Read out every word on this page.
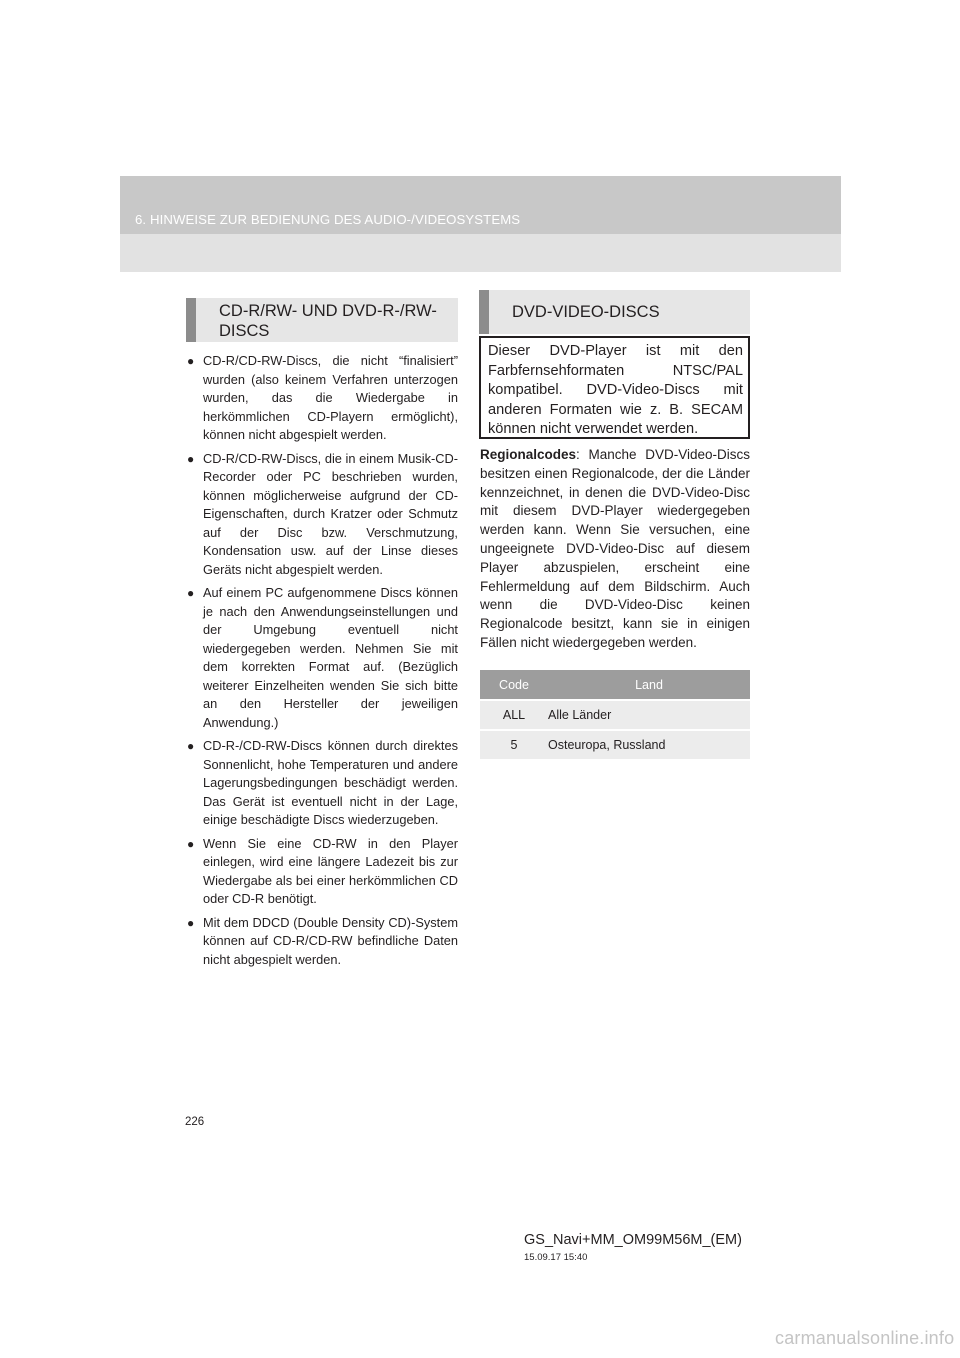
6. HINWEISE ZUR BEDIENUNG DES AUDIO-/VIDEOSYSTEMS
CD-R/RW- UND DVD-R-/RW-
DISCS
● CD-R/CD-RW-Discs, die nicht “finalisiert” wurden (also keinem Verfahren unterzogen wurden, das die Wiedergabe in herkömmlichen CD-Playern ermöglicht), können nicht abgespielt werden.
● CD-R/CD-RW-Discs, die in einem Musik-CD-Recorder oder PC beschrieben wurden, können möglicherweise aufgrund der CD-Eigenschaften, durch Kratzer oder Schmutz auf der Disc bzw. Verschmutzung, Kondensation usw. auf der Linse dieses Geräts nicht abgespielt werden.
● Auf einem PC aufgenommene Discs können je nach den Anwendungseinstellungen und der Umgebung eventuell nicht wiedergegeben werden. Nehmen Sie mit dem korrekten Format auf. (Bezüglich weiterer Einzelheiten wenden Sie sich bitte an den Hersteller der jeweiligen Anwendung.)
● CD-R-/CD-RW-Discs können durch direktes Sonnenlicht, hohe Temperaturen und andere Lagerungsbedingungen beschädigt werden. Das Gerät ist eventuell nicht in der Lage, einige beschädigte Discs wiederzugeben.
● Wenn Sie eine CD-RW in den Player einlegen, wird eine längere Ladezeit bis zur Wiedergabe als bei einer herkömmlichen CD oder CD-R benötigt.
● Mit dem DDCD (Double Density CD)-System können auf CD-R/CD-RW befindliche Daten nicht abgespielt werden.
DVD-VIDEO-DISCS
Dieser DVD-Player ist mit den Farbfernsehformaten NTSC/PAL kompatibel. DVD-Video-Discs mit anderen Formaten wie z. B. SECAM können nicht verwendet werden.
Regionalcodes: Manche DVD-Video-Discs besitzen einen Regionalcode, der die Länder kennzeichnet, in denen die DVD-Video-Disc mit diesem DVD-Player wiedergegeben werden kann. Wenn Sie versuchen, eine ungeeignete DVD-Video-Disc auf diesem Player abzuspielen, erscheint eine Fehlermeldung auf dem Bildschirm. Auch wenn die DVD-Video-Disc keinen Regionalcode besitzt, kann sie in einigen Fällen nicht wiedergegeben werden.
Code	Land
ALL	Alle Länder
5	Osteuropa, Russland
226
GS_Navi+MM_OM99M56M_(EM)
15.09.17 15:40
carmanualsonline.info
